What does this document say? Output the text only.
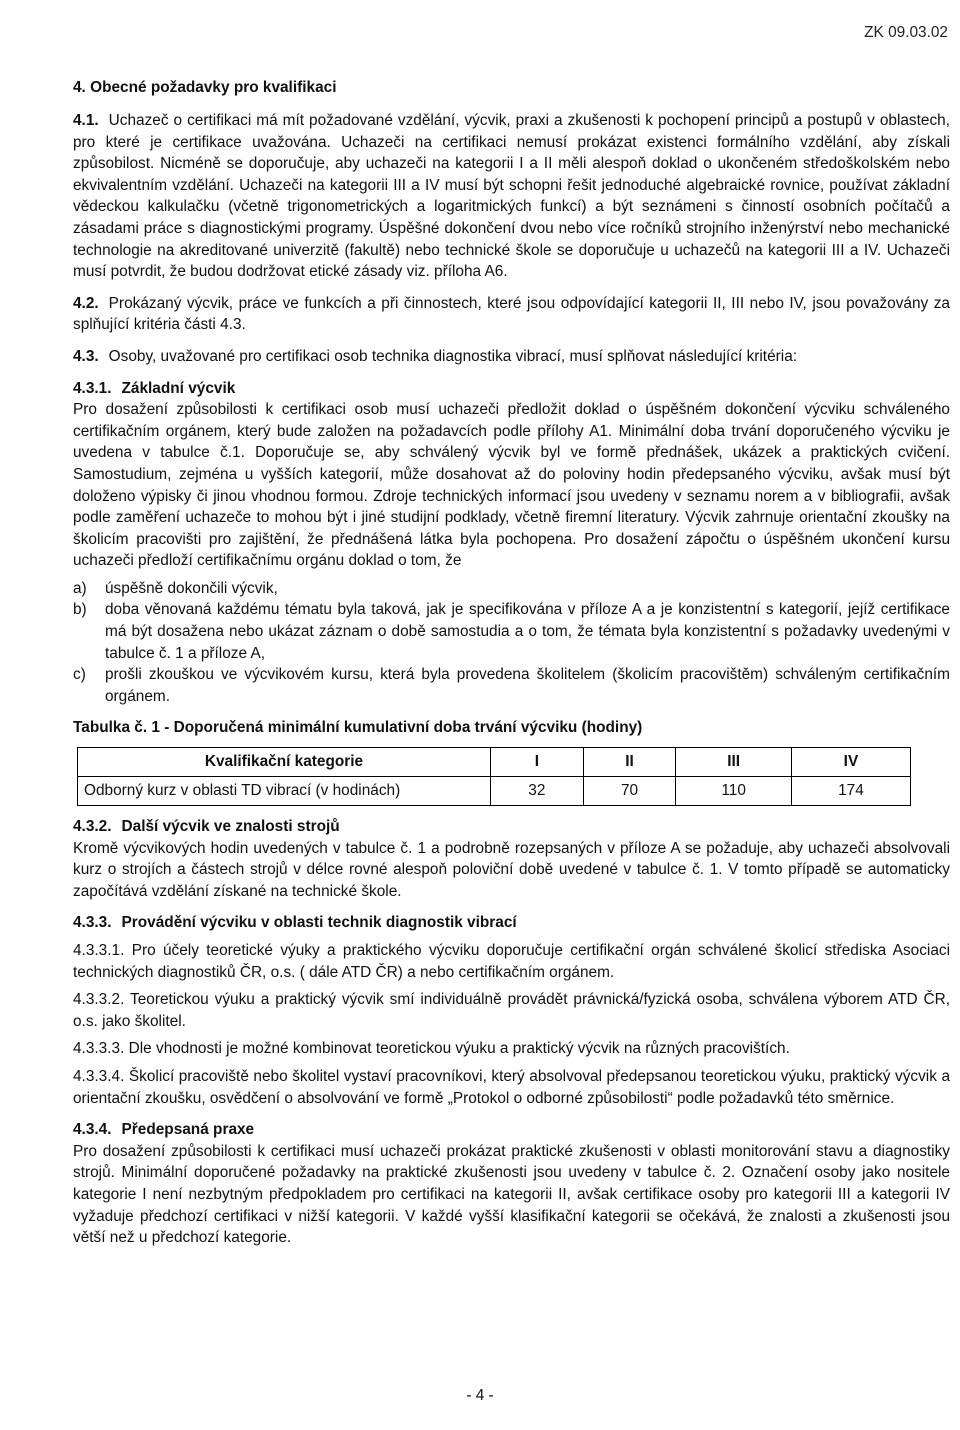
ZK 09.03.02
4. Obecné požadavky pro kvalifikaci

4.1. Uchazeč o certifikaci má mít požadované vzdělání, výcvik, praxi a zkušenosti k pochopení principů a postupů v oblastech, pro které je certifikace uvažována. Uchazeči na certifikaci nemusí prokázat existenci formálního vzdělání, aby získali způsobilost. Nicméně se doporučuje, aby uchazeči na kategorii I a II měli alespoň doklad o ukončeném středoškolském nebo ekvivalentním vzdělání. Uchazeči na kategorii III a IV musí být schopni řešit jednoduché algebraické rovnice, používat základní vědeckou kalkulačku (včetně trigonometrických a logaritmických funkcí) a být seznámeni s činností osobních počítačů a zásadami práce s diagnostickými programy. Úspěšné dokončení dvou nebo více ročníků strojního inženýrství nebo mechanické technologie na akreditované univerzitě (fakultě) nebo technické škole se doporučuje u uchazečů na kategorii III a IV. Uchazeči musí potvrdit, že budou dodržovat etické zásady viz. příloha A6.

4.2. Prokázaný výcvik, práce ve funkcích a při činnostech, které jsou odpovídající kategorii II, III nebo IV, jsou považovány za splňující kritéria části 4.3.

4.3. Osoby, uvažované pro certifikaci osob technika diagnostika vibrací, musí splňovat následující kritéria:

4.3.1. Základní výcvik

Pro dosažení způsobilosti k certifikaci osob musí uchazeči předložit doklad o úspěšném dokončení výcviku schváleného certifikačním orgánem, který bude založen na požadavcích podle přílohy A1. Minimální doba trvání doporučeného výcviku je uvedena v tabulce č.1. Doporučuje se, aby schválený výcvik byl ve formě přednášek, ukázek a praktických cvičení. Samostudium, zejména u vyšších kategorií, může dosahovat až do poloviny hodin předepsaného výcviku, avšak musí být doloženo výpisky či jinou vhodnou formou. Zdroje technických informací jsou uvedeny v seznamu norem a v bibliografii, avšak podle zaměření uchazeče to mohou být i jiné studijní podklady, včetně firemní literatury. Výcvik zahrnuje orientační zkoušky na školicím pracovišti pro zajištění, že přednášená látka byla pochopena. Pro dosažení zápočtu o úspěšném ukončení kursu uchazeči předloží certifikačnímu orgánu doklad o tom, že

a) úspěšně dokončili výcvik,
b) doba věnovaná každému tématu byla taková, jak je specifikována v příloze A a je konzistentní s kategorií, jejíž certifikace má být dosažena nebo ukázat záznam o době samostudia a o tom, že témata byla konzistentní s požadavky uvedenými v tabulce č. 1 a příloze A,
c) prošli zkouškou ve výcvikovém kursu, která byla provedena školitelem (školicím pracovištěm) schváleným certifikačním orgánem.

Tabulka č. 1 - Doporučená minimální kumulativní doba trvání výcviku (hodiny)

Kvalifikační kategorie	I	II	III	IV
Odborný kurz v oblasti TD vibrací (v hodinách)	32	70	110	174

4.3.2. Další výcvik ve znalosti strojů

Kromě výcvikových hodin uvedených v tabulce č. 1 a podrobně rozepsaných v příloze A se požaduje, aby uchazeči absolvovali kurz o strojích a částech strojů v délce rovné alespoň poloviční době uvedené v tabulce č. 1. V tomto případě se automaticky započítává vzdělání získané na technické škole.

4.3.3. Provádění výcviku v oblasti technik diagnostik vibrací

4.3.3.1. Pro účely teoretické výuky a praktického výcviku doporučuje certifikační orgán schválené školicí střediska Asociaci technických diagnostiků ČR, o.s. ( dále ATD ČR) a nebo certifikačním orgánem.

4.3.3.2. Teoretickou výuku a praktický výcvik smí individuálně provádět právnická/fyzická osoba, schválena výborem ATD ČR, o.s. jako školitel.

4.3.3.3. Dle vhodnosti je možné kombinovat teoretickou výuku a praktický výcvik na různých pracovištích.

4.3.3.4. Školicí pracoviště nebo školitel vystaví pracovníkovi, který absolvoval předepsanou teoretickou výuku, praktický výcvik a orientační zkoušku, osvědčení o absolvování ve formě „Protokol o odborné způsobilosti“ podle požadavků této směrnice.

4.3.4. Předepsaná praxe

Pro dosažení způsobilosti k certifikaci musí uchazeči prokázat praktické zkušenosti v oblasti monitorování stavu a diagnostiky strojů. Minimální doporučené požadavky na praktické zkušenosti jsou uvedeny v tabulce č. 2. Označení osoby jako nositele kategorie I není nezbytným předpokladem pro certifikaci na kategorii II, avšak certifikace osoby pro kategorii III a kategorii IV vyžaduje předchozí certifikaci v nižší kategorii. V každé vyšší klasifikační kategorii se očekává, že znalosti a zkušenosti jsou větší než u předchozí kategorie.

- 4 -
